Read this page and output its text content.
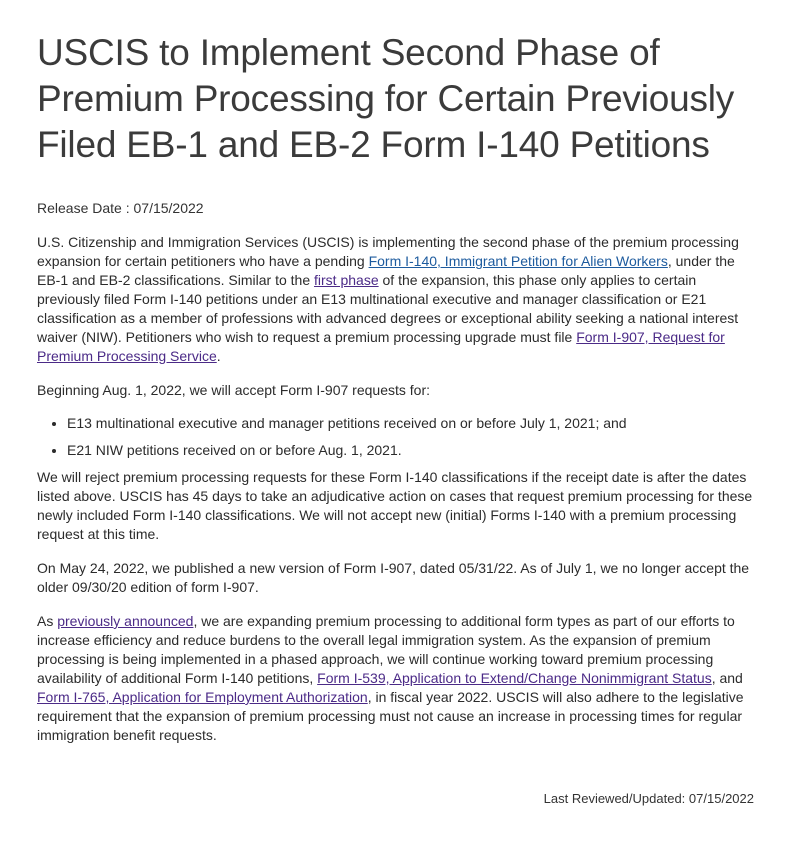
USCIS to Implement Second Phase of Premium Processing for Certain Previously Filed EB-1 and EB-2 Form I-140 Petitions
Release Date : 07/15/2022

U.S. Citizenship and Immigration Services (USCIS) is implementing the second phase of the premium processing expansion for certain petitioners who have a pending Form I-140, Immigrant Petition for Alien Workers, under the EB-1 and EB-2 classifications. Similar to the first phase of the expansion, this phase only applies to certain previously filed Form I-140 petitions under an E13 multinational executive and manager classification or E21 classification as a member of professions with advanced degrees or exceptional ability seeking a national interest waiver (NIW). Petitioners who wish to request a premium processing upgrade must file Form I-907, Request for Premium Processing Service.

Beginning Aug. 1, 2022, we will accept Form I-907 requests for:

• E13 multinational executive and manager petitions received on or before July 1, 2021; and
• E21 NIW petitions received on or before Aug. 1, 2021.

We will reject premium processing requests for these Form I-140 classifications if the receipt date is after the dates listed above. USCIS has 45 days to take an adjudicative action on cases that request premium processing for these newly included Form I-140 classifications. We will not accept new (initial) Forms I-140 with a premium processing request at this time.

On May 24, 2022, we published a new version of Form I-907, dated 05/31/22. As of July 1, we no longer accept the older 09/30/20 edition of form I-907.

As previously announced, we are expanding premium processing to additional form types as part of our efforts to increase efficiency and reduce burdens to the overall legal immigration system. As the expansion of premium processing is being implemented in a phased approach, we will continue working toward premium processing availability of additional Form I-140 petitions, Form I-539, Application to Extend/Change Nonimmigrant Status, and Form I-765, Application for Employment Authorization, in fiscal year 2022. USCIS will also adhere to the legislative requirement that the expansion of premium processing must not cause an increase in processing times for regular immigration benefit requests.

Last Reviewed/Updated: 07/15/2022
